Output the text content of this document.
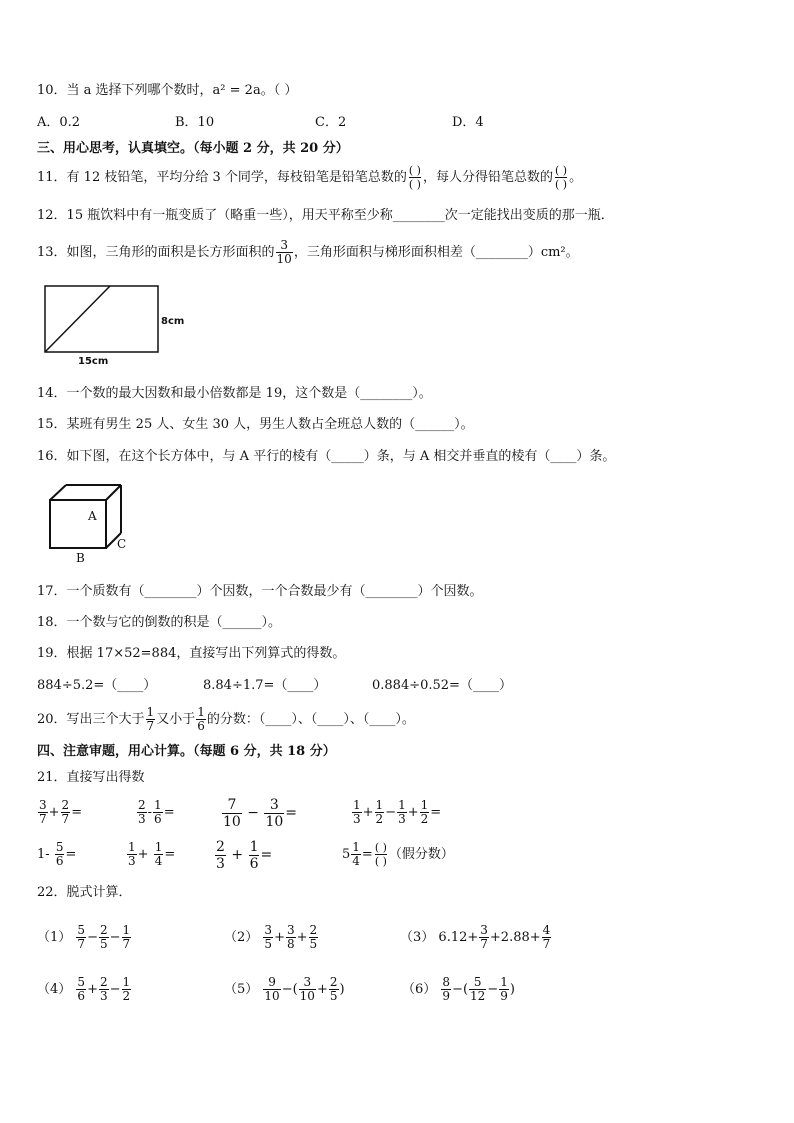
10．当 a 选择下列哪个数时，a² = 2a。（ ）
A．0.2	B．10	C．2	D．4
三、用心思考，认真填空。（每小题 2 分，共 20 分）
11．有 12 枝铅笔，平均分给 3 个同学，每枝铅笔是铅笔总数的 ( )
( ) ，每人分得铅笔总数的 ( )
( ) 。
12．15 瓶饮料中有一瓶变质了（略重一些），用天平称至少称________次一定能找出变质的那一瓶．
13．如图，三角形的面积是长方形面积的 $\frac{3}{10}$ ，三角形面积与梯形面积相差（________）cm²。
8cm
15cm
14．一个数的最大因数和最小倍数都是 19，这个数是（________）。
15．某班有男生 25 人、女生 30 人，男生人数占全班总人数的（______）。
16．如下图，在这个长方体中，与 A 平行的棱有（_____）条，与 A 相交并垂直的棱有（____）条。
A
B
C
17．一个质数有（________）个因数，一个合数最少有（________）个因数。
18．一个数与它的倒数的积是（______）。
19．根据 17×52=884，直接写出下列算式的得数。
884÷5.2=（____）	8.84÷1.7=（____）	0.884÷0.52=（____）
20．写出三个大于 $\frac{1}{7}$ 又小于 $\frac{1}{6}$ 的分数：（____）、（____）、（____）。
四、注意审题，用心计算。（每题 6 分，共 18 分）
21．直接写出得数
$\frac{3}{7} + \frac{2}{7}$ =	$\frac{2}{3} - \frac{1}{6}$ =	$\frac{7}{10} - \frac{3}{10}$ =	$\frac{1}{3} + \frac{1}{2} - \frac{1}{3} + \frac{1}{2}$ =
$1- \frac{5}{6}$ =	$\frac{1}{3} + \frac{1}{4}$ =	$\frac{2}{3} + \frac{1}{6}$ =	$5 \frac{1}{4}$ = ( )
( ) （假分数）
22．脱式计算．
$(1) \frac{5}{7} - \frac{2}{5} - \frac{1}{7}$	$(2) \frac{3}{5} + \frac{3}{8} + \frac{2}{5}$	（3） $6.12+ \frac{3}{7} +2.88+ \frac{4}{7}$
$(4) \frac{5}{6} + \frac{2}{3} - \frac{1}{2}$	$(5) \frac{9}{10}$ −( $\frac{3}{10} + \frac{2}{5}$ )	$(6) \frac{8}{9}$ −( $\frac{5}{12} - \frac{1}{9}$ )
